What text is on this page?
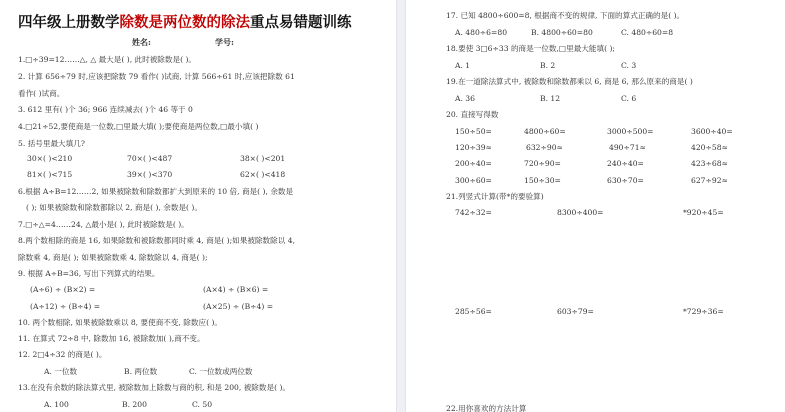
四年级上册数学除数是两位数的除法重点易错题训练
姓名:	学号:
1.□÷39=12……△, △ 最大是( ), 此时被除数是( )。
2. 计算 656÷79 时,应该把除数 79 看作( )试商, 计算 566÷61 时,应该把除数 61
看作( )试商。
3. 612 里有( )个 36; 966 连续减去( )个 46 等于 0
4.□21÷52,要使商是一位数,□里最大填( );要使商是两位数,□最小填( )
5. 括号里最大填几?
30×( )<210	70×( )<487	38×( )<201
81×( )<715	39×( )<370	62×( )<418
6.根据 A÷B=12……2, 如果被除数和除数都扩大到原来的 10 倍, 商是( ), 余数是
( ); 如果被除数和除数都除以 2, 商是( ), 余数是( )。
7.□÷△=4……24, △最小是( ), 此时被除数是( )。
8.两个数相除的商是 16, 如果除数和被除数都同时乘 4, 商是( );如果被除数除以 4,
除数乘 4, 商是( ); 如果被除数乘 4, 除数除以 4, 商是( );
9. 根据 A÷B=36, 写出下列算式的结果。
(A÷6) ÷ (B×2) =	(A×4) ÷ (B×6) =
(A÷12) ÷ (B÷4) =	(A×25) ÷ (B÷4) =
10. 两个数相除, 如果被除数乘以 8, 要使商不变, 除数应( )。
11. 在算式 72÷8 中, 除数加 16, 被除数加( ),商不变。
12. 2□4÷32 的商是( )。
A. 一位数	B. 两位数	C. 一位数或两位数
13.在没有余数的除法算式里, 被除数加上除数与商的积, 和是 200, 被除数是( )。
A. 100	B. 200	C. 50
17. 已知 4800÷600=8, 根据商不变的规律, 下面的算式正确的是( )。
A. 480÷6=80	B. 4800÷60=80	C. 480÷60=8
18.要使 3□6÷33 的商是一位数,□里最大能填( );
A. 1	B. 2	C. 3
19.在一道除法算式中, 被除数和除数都乘以 6, 商是 6, 那么原来的商是( )
A. 36	B. 12	C. 6
20. 直接写得数
150÷50=	4800÷60=	3000÷500=	3600÷40=
120÷39≈	632÷90≈	490÷71≈	420÷58≈
200÷40=	720÷90=	240÷40=	423÷68≈
300÷60=	150÷30=	630÷70=	627÷92≈
21.列竖式计算(带*的要验算)
742÷32=	8300÷400=	*920÷45=
285÷56=	603÷79=	*729÷36=
22.用你喜欢的方法计算
